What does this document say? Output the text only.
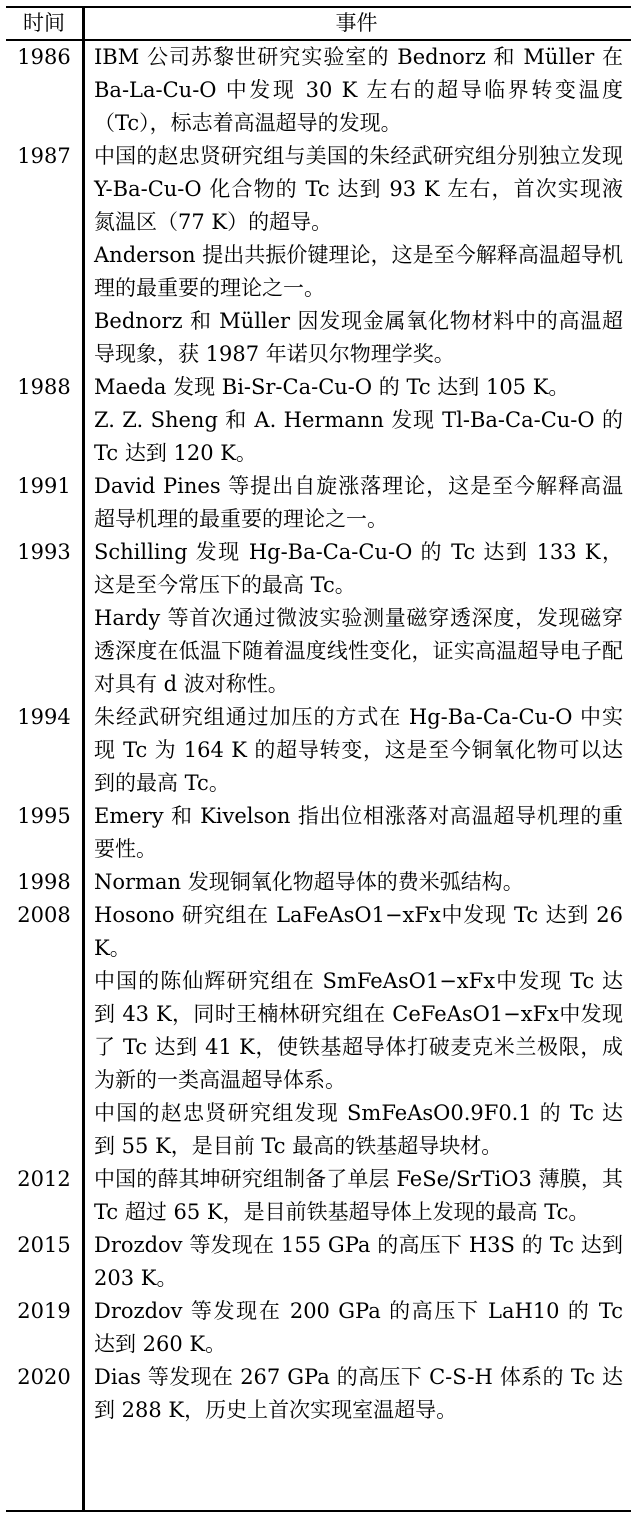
时间	事件
1986	IBM 公司苏黎世研究实验室的 Bednorz 和 Müller 在 Ba-La-Cu-O 中发现 30 K 左右的超导临界转变温度（Tc），标志着高温超导的发现。
1987	中国的赵忠贤研究组与美国的朱经武研究组分别独立发现 Y-Ba-Cu-O 化合物的 Tc 达到 93 K 左右，首次实现液氮温区（77 K）的超导。
Anderson 提出共振价键理论，这是至今解释高温超导机理的最重要的理论之一。
Bednorz 和 Müller 因发现金属氧化物材料中的高温超导现象，获 1987 年诺贝尔物理学奖。
1988	Maeda 发现 Bi-Sr-Ca-Cu-O 的 Tc 达到 105 K。
Z. Z. Sheng 和 A. Hermann 发现 Tl-Ba-Ca-Cu-O 的 Tc 达到 120 K。
1991	David Pines 等提出自旋涨落理论，这是至今解释高温超导机理的最重要的理论之一。
1993	Schilling 发现 Hg-Ba-Ca-Cu-O 的 Tc 达到 133 K，这是至今常压下的最高 Tc。
Hardy 等首次通过微波实验测量磁穿透深度，发现磁穿透深度在低温下随着温度线性变化，证实高温超导电子配对具有 d 波对称性。
1994	朱经武研究组通过加压的方式在 Hg-Ba-Ca-Cu-O 中实现 Tc 为 164 K 的超导转变，这是至今铜氧化物可以达到的最高 Tc。
1995	Emery 和 Kivelson 指出位相涨落对高温超导机理的重要性。
1998	Norman 发现铜氧化物超导体的费米弧结构。
2008	Hosono 研究组在 LaFeAsO1−xFx中发现 Tc 达到 26 K。
中国的陈仙辉研究组在 SmFeAsO1−xFx中发现 Tc 达到 43 K，同时王楠林研究组在 CeFeAsO1−xFx中发现了 Tc 达到 41 K，使铁基超导体打破麦克米兰极限，成为新的一类高温超导体系。
中国的赵忠贤研究组发现 SmFeAsO0.9F0.1 的 Tc 达到 55 K，是目前 Tc 最高的铁基超导块材。
2012	中国的薛其坤研究组制备了单层 FeSe/SrTiO3 薄膜，其 Tc 超过 65 K，是目前铁基超导体上发现的最高 Tc。
2015	Drozdov 等发现在 155 GPa 的高压下 H3S 的 Tc 达到 203 K。
2019	Drozdov 等发现在 200 GPa 的高压下 LaH10 的 Tc 达到 260 K。
2020	Dias 等发现在 267 GPa 的高压下 C-S-H 体系的 Tc 达到 288 K，历史上首次实现室温超导。
